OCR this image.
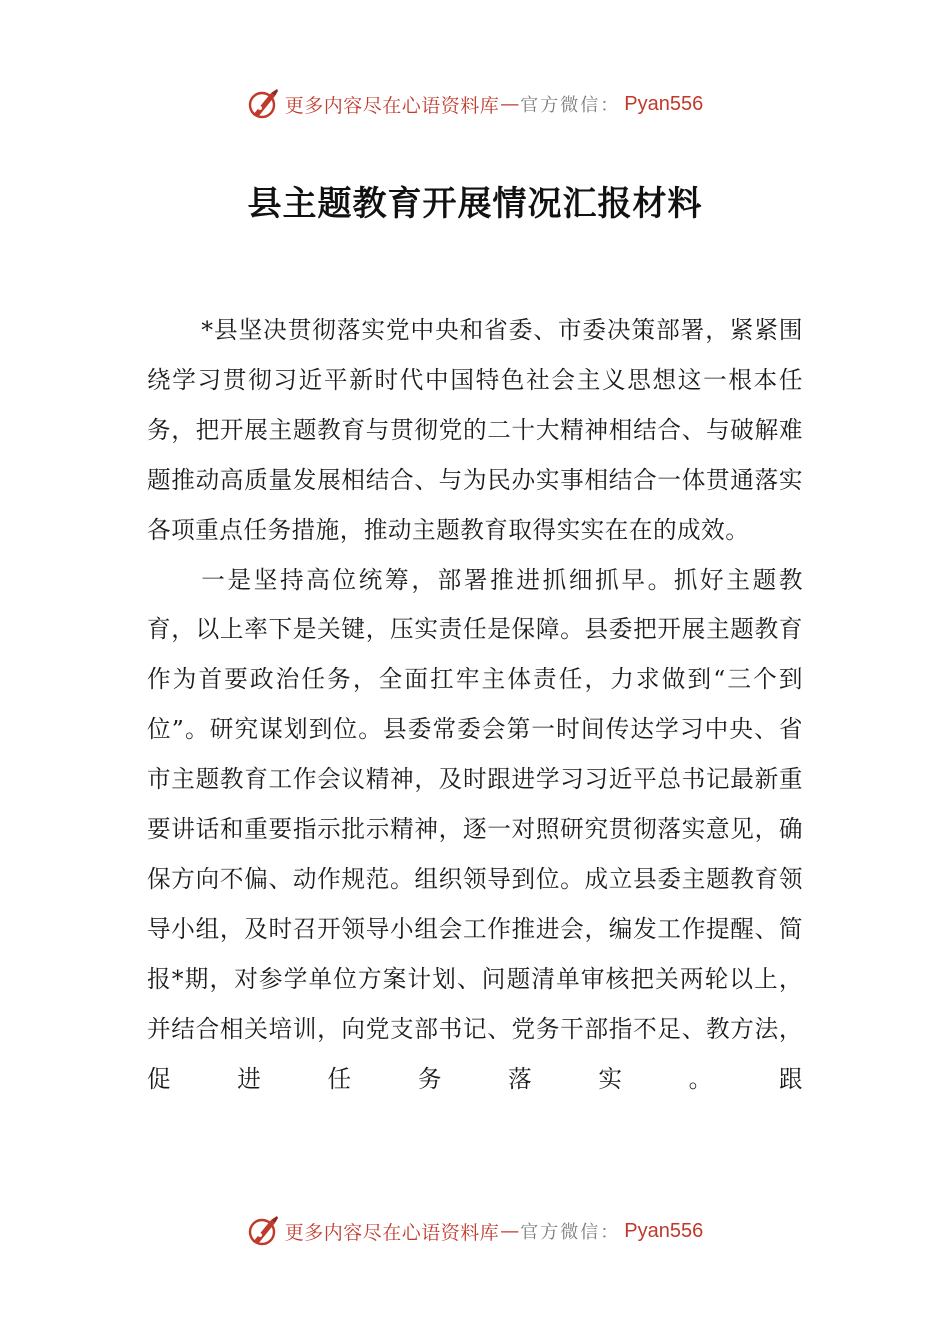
更多内容尽在心语资料库 — 官方微信： Pyan556
县主题教育开展情况汇报材料

*县坚决贯彻落实党中央和省委、市委决策部署，紧紧围绕学习贯彻习近平新时代中国特色社会主义思想这一根本任务，把开展主题教育与贯彻党的二十大精神相结合、与破解难题推动高质量发展相结合、与为民办实事相结合一体贯通落实各项重点任务措施，推动主题教育取得实实在在的成效。

一是坚持高位统筹，部署推进抓细抓早。抓好主题教育，以上率下是关键，压实责任是保障。县委把开展主题教育作为首要政治任务，全面扛牢主体责任，力求做到“三个到位”。研究谋划到位。县委常委会第一时间传达学习中央、省市主题教育工作会议精神，及时跟进学习习近平总书记最新重要讲话和重要指示批示精神，逐一对照研究贯彻落实意见，确保方向不偏、动作规范。组织领导到位。成立县委主题教育领导小组，及时召开领导小组会工作推进会，编发工作提醒、简报*期，对参学单位方案计划、问题清单审核把关两轮以上，并结合相关培训，向党支部书记、党务干部指不足、教方法，促进任务落实。跟

更多内容尽在心语资料库 — 官方微信： Pyan556
